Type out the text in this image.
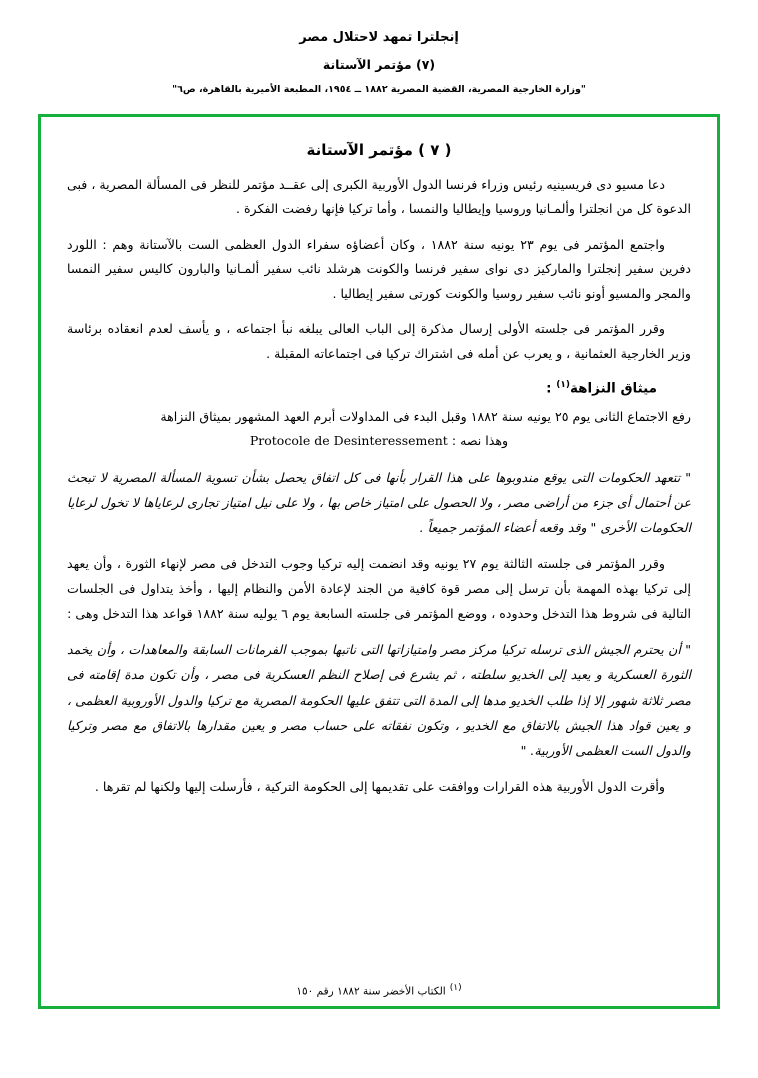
إنجلترا تمهد لاحتلال مصر
(٧) مؤتمر الآستانة
"وزارة الخارجية المصرية، القضية المصرية ١٨٨٢ ــ ١٩٥٤، المطبعة الأميرية بالقاهرة، ص٦"
( ٧ ) مؤتمر الآستانة

دعا مسيو دى فريسينيه رئيس وزراء فرنسا الدول الأوربية الكبرى إلى عقــد مؤتمر للنظر فى المسألة المصرية ، فبى الدعوة كل من انجلترا وألمـانيا وروسيا وإيطاليا والنمسا ، وأما تركيا فإنها رفضت الفكرة .

واجتمع المؤتمر فى يوم ٢٣ يونيه سنة ١٨٨٢ ، وكان أعضاؤه سفراء الدول العظمى الست بالآستانة وهم : اللورد دفرين سفير إنجلترا والماركيز دى نواى سفير فرنسا والكونت هرشلد نائب سفير ألمـانيا والبارون كاليس سفير النمسا والمجر والمسيو أونو نائب سفير روسيا والكونت كورتى سفير إيطاليا .

وقرر المؤتمر فى جلسته الأولى إرسال مذكرة إلى الباب العالى يبلغه نبأ اجتماعه ، و يأسف لعدم انعقاده برئاسة وزير الخارجية العثمانية ، و يعرب عن أمله فى اشتراك تركيا فى اجتماعاته المقبلة .

ميثاق النزاهة$^{(١)}$ :

رفع الاجتماع الثانى يوم ٢٥ يونيه سنة ١٨٨٢ وقبل البدء فى المداولات أبرم العهد المشهور بميثاق النزاهة
وهذا نصه : Protocole de Desinteressement

" تتعهد الحكومات التى يوقع مندوبوها على هذا القرار بأنها فى كل اتفاق يحصل بشأن تسوية المسألة المصرية لا تبحث عن أحتمال أى جزء من أراضى مصر ، ولا الحصول على امتياز خاص بها ، ولا على نيل امتياز تجارى لرعاياها لا تخول لرعايا الحكومات الأخرى " وقد وقعه أعضاء المؤتمر جميعاً .

وقرر المؤتمر فى جلسته الثالثة يوم ٢٧ يونيه وقد انضمت إليه تركيا وجوب التدخل فى مصر لإنهاء الثورة ، وأن يعهد إلى تركيا بهذه المهمة بأن ترسل إلى مصر قوة كافية من الجند لإعادة الأمن والنظام إليها ، وأخذ يتداول فى الجلسات التالية فى شروط هذا التدخل وحدوده ، ووضع المؤتمر فى جلسته السابعة يوم ٦ يوليه سنة ١٨٨٢ قواعد هذا التدخل وهى :

" أن يحترم الجيش الذى ترسله تركيا مركز مصر وامتيازاتها التى ناتبها بموجب الفرمانات السابقة والمعاهدات ، وأن يخمد الثورة العسكرية و يعيد إلى الخديو سلطته ، ثم يشرع فى إصلاح النظم العسكرية فى مصر ، وأن تكون مدة إقامته فى مصر ثلاثة شهور إلا إذا طلب الخديو مدها إلى المدة التى تتفق عليها الحكومة المصرية مع تركيا والدول الأوروبية العظمى ، و يعين قواد هذا الجيش بالاتفاق مع الخديو ، وتكون نفقاته على حساب مصر و يعين مقدارها بالاتفاق مع مصر وتركيا والدول الست العظمى الأوربية. "

وأقرت الدول الأوربية هذه القرارات ووافقت على تقديمها إلى الحكومة التركية ، فأرسلت إليها ولكنها لم تقرها .

(١)الكتاب الأخضر سنة ١٨٨٢ رقم ١٥٠
